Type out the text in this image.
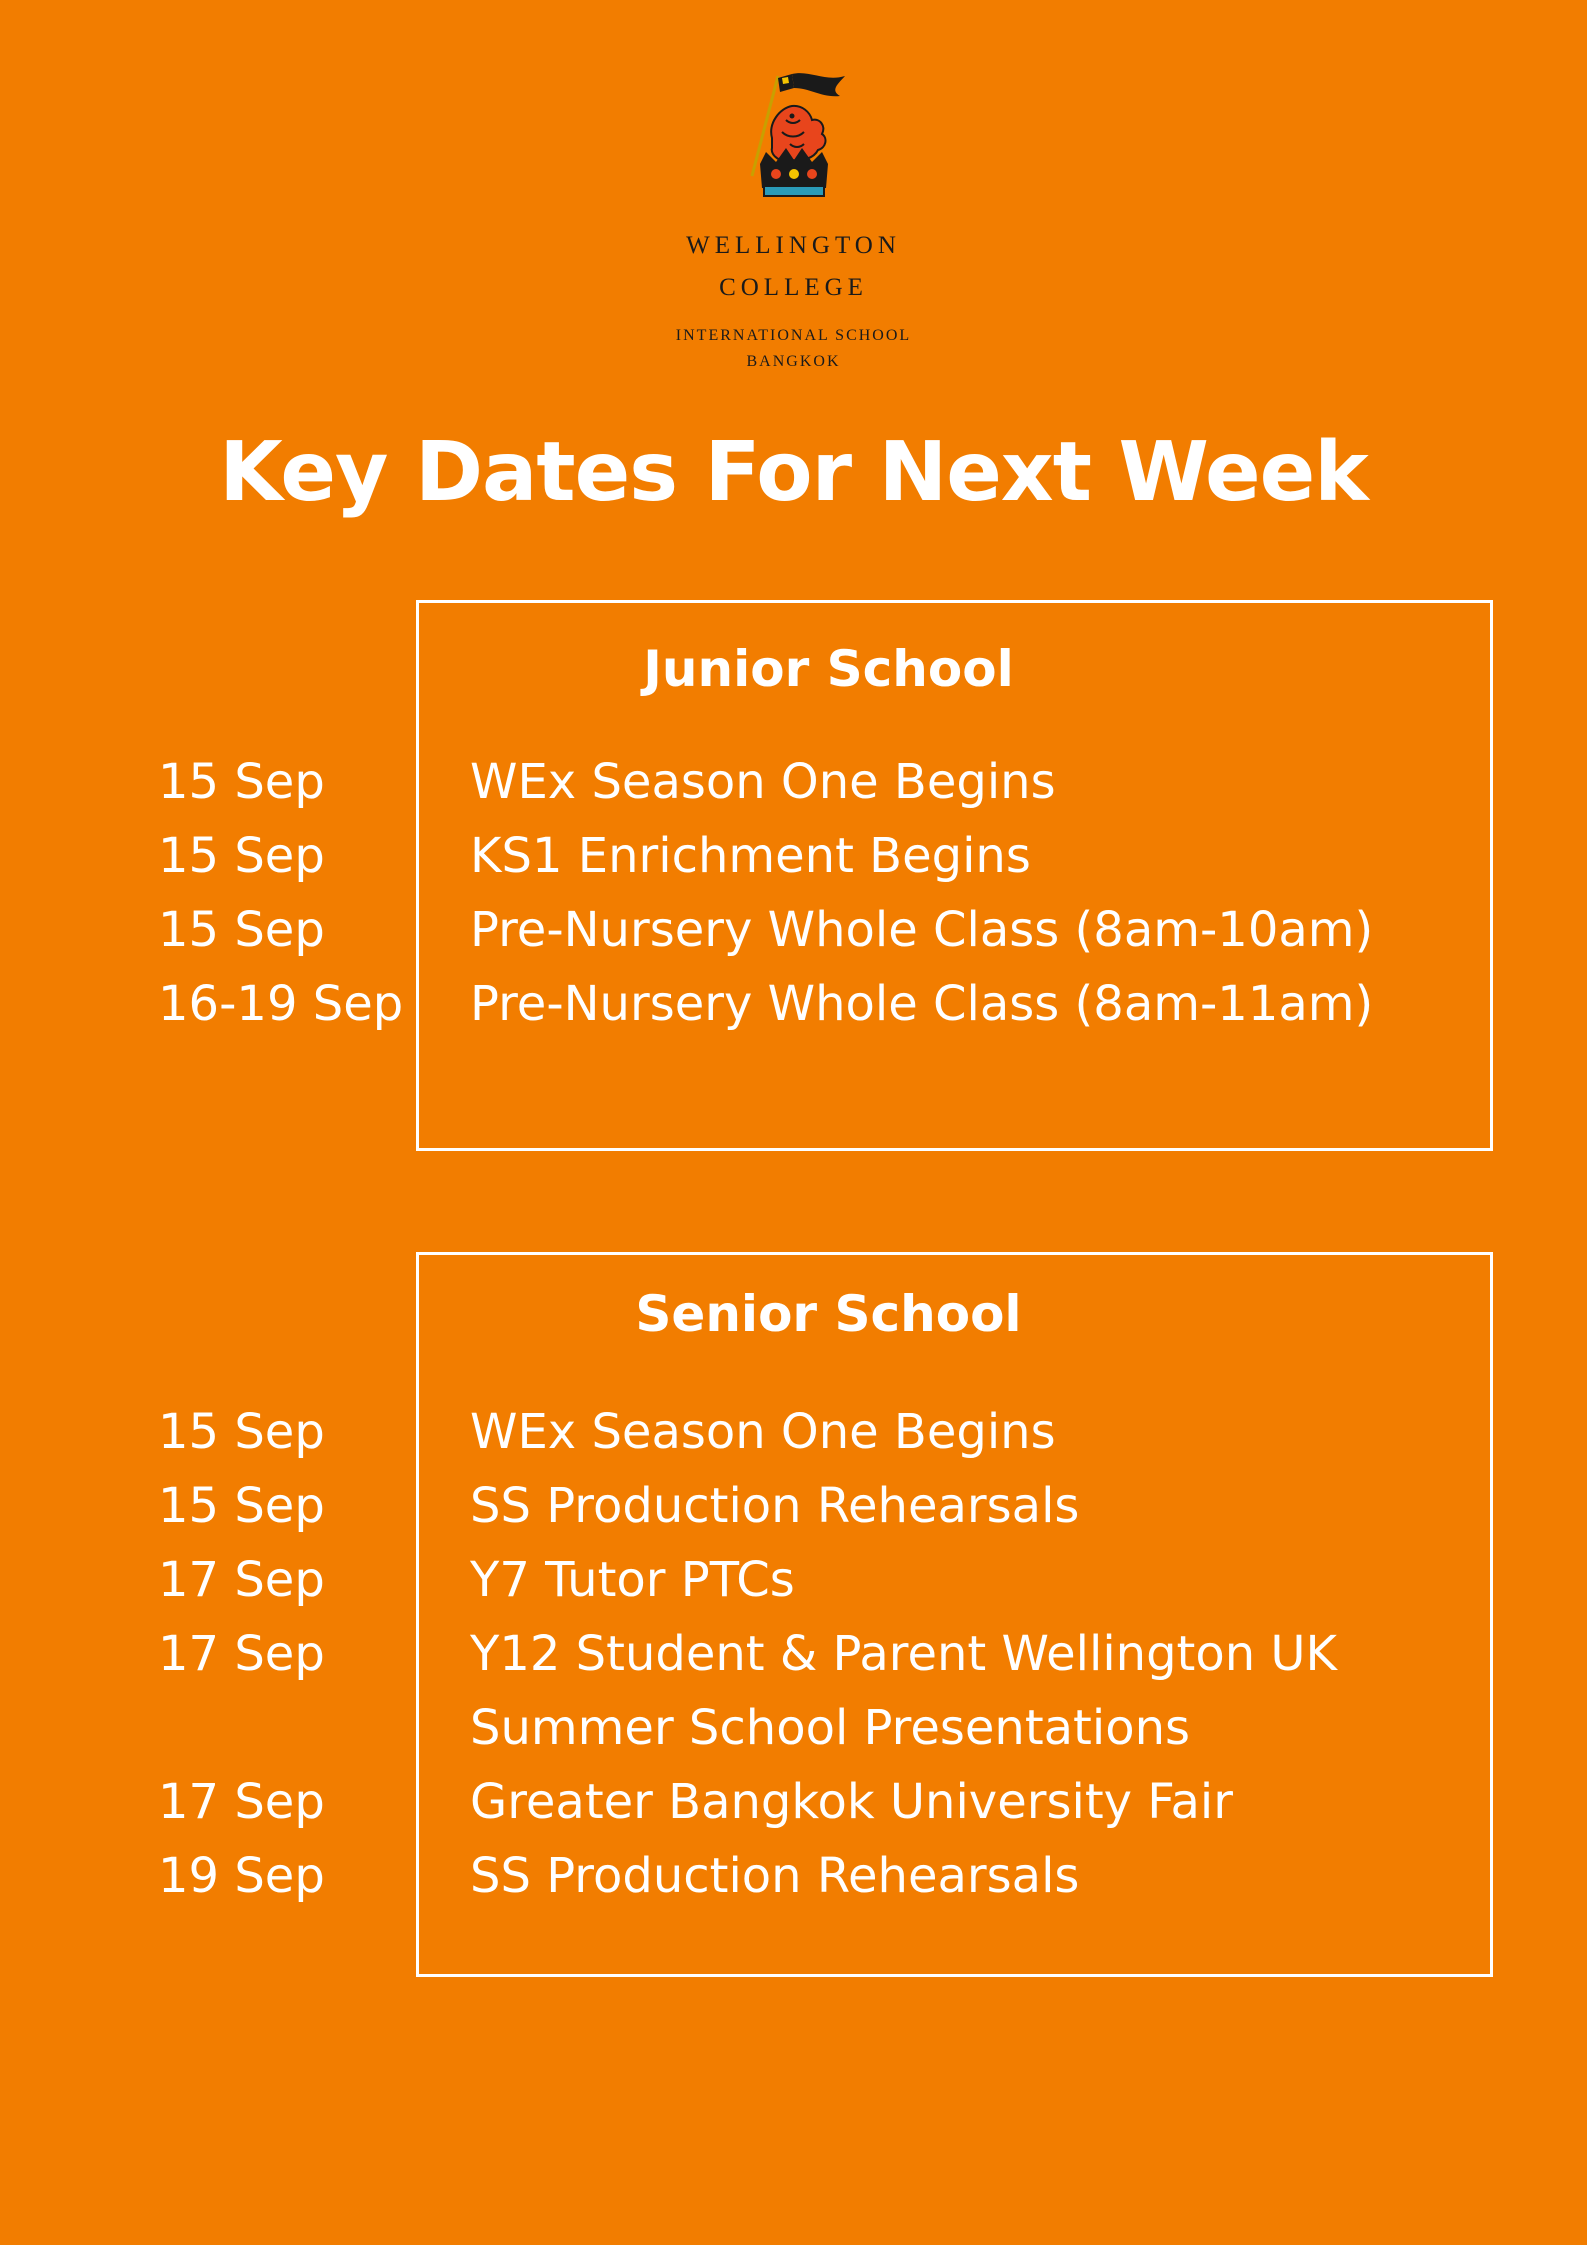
WELLINGTON
COLLEGE
INTERNATIONAL SCHOOL
BANGKOK
Key Dates For Next Week
Junior School
15 Sep	WEx Season One Begins
15 Sep	KS1 Enrichment Begins
15 Sep	Pre-Nursery Whole Class (8am-10am)
16-19 Sep Pre-Nursery Whole Class (8am-11am)
Senior School
15 Sep	WEx Season One Begins
15 Sep	SS Production Rehearsals
17 Sep	Y7 Tutor PTCs
17 Sep	Y12 Student & Parent Wellington UK
Summer School Presentations
17 Sep	Greater Bangkok University Fair
19 Sep	SS Production Rehearsals
